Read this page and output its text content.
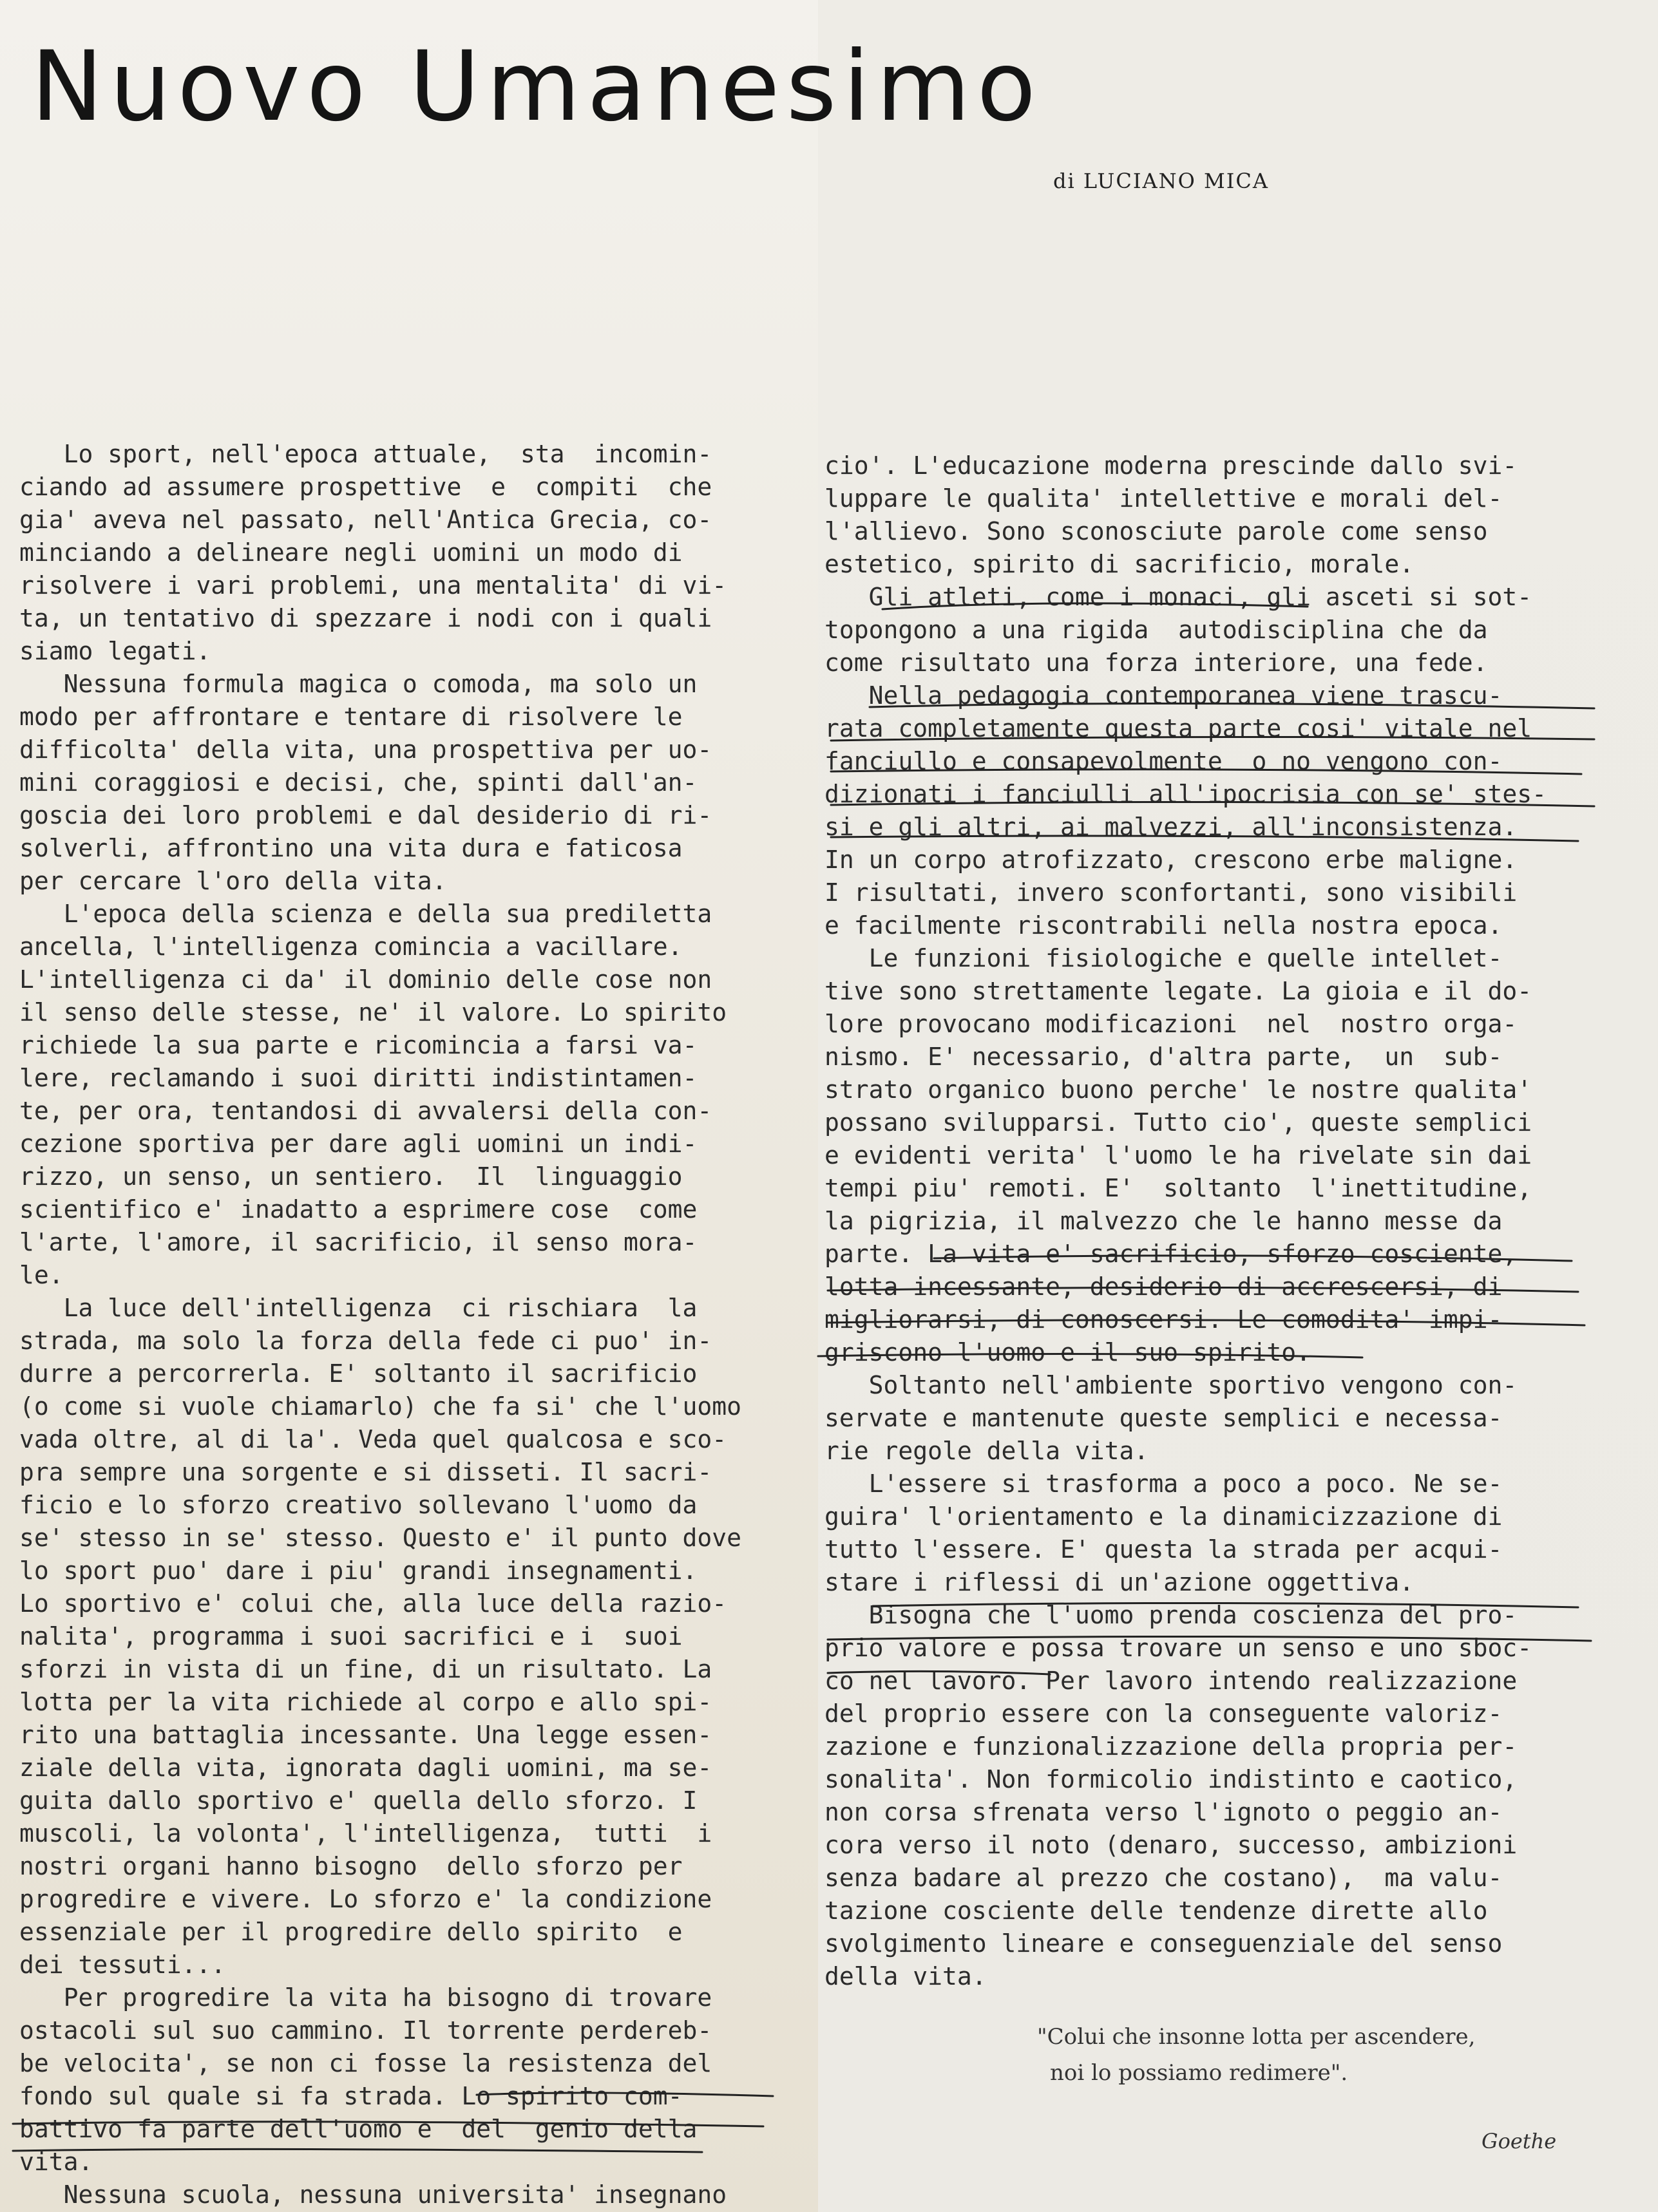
Nuovo Umanesimo
di LUCIANO MICA
Lo sport, nell'epoca attuale,  sta  incomin-
ciando ad assumere prospettive  e  compiti  che
gia' aveva nel passato, nell'Antica Grecia, co-
minciando a delineare negli uomini un modo di
risolvere i vari problemi, una mentalita' di vi-
ta, un tentativo di spezzare i nodi con i quali
siamo legati.
Nessuna formula magica o comoda, ma solo un
modo per affrontare e tentare di risolvere le
difficolta' della vita, una prospettiva per uo-
mini coraggiosi e decisi, che, spinti dall'an-
goscia dei loro problemi e dal desiderio di ri-
solverli, affrontino una vita dura e faticosa
per cercare l'oro della vita.
L'epoca della scienza e della sua prediletta
ancella, l'intelligenza comincia a vacillare.
L'intelligenza ci da' il dominio delle cose non
il senso delle stesse, ne' il valore. Lo spirito
richiede la sua parte e ricomincia a farsi va-
lere, reclamando i suoi diritti indistintamen-
te, per ora, tentandosi di avvalersi della con-
cezione sportiva per dare agli uomini un indi-
rizzo, un senso, un sentiero.  Il  linguaggio
scientifico e' inadatto a esprimere cose  come
l'arte, l'amore, il sacrificio, il senso mora-
le.
La luce dell'intelligenza  ci rischiara  la
strada, ma solo la forza della fede ci puo' in-
durre a percorrerla. E' soltanto il sacrificio
(o come si vuole chiamarlo) che fa si' che l'uomo
vada oltre, al di la'. Veda quel qualcosa e sco-
pra sempre una sorgente e si disseti. Il sacri-
ficio e lo sforzo creativo sollevano l'uomo da
se' stesso in se' stesso. Questo e' il punto dove
lo sport puo' dare i piu' grandi insegnamenti.
Lo sportivo e' colui che, alla luce della razio-
nalita', programma i suoi sacrifici e i  suoi
sforzi in vista di un fine, di un risultato. La
lotta per la vita richiede al corpo e allo spi-
rito una battaglia incessante. Una legge essen-
ziale della vita, ignorata dagli uomini, ma se-
guita dallo sportivo e' quella dello sforzo. I
muscoli, la volonta', l'intelligenza,  tutti  i
nostri organi hanno bisogno  dello sforzo per
progredire e vivere. Lo sforzo e' la condizione
essenziale per il progredire dello spirito  e
dei tessuti...
Per progredire la vita ha bisogno di trovare
ostacoli sul suo cammino. Il torrente perdereb-
be velocita', se non ci fosse la resistenza del
fondo sul quale si fa strada. Lo spirito com-
battivo fa parte dell'uomo e  del  genio della
vita.
Nessuna scuola, nessuna universita' insegnano
cio'. L'educazione moderna prescinde dallo svi-
luppare le qualita' intellettive e morali del-
l'allievo. Sono sconosciute parole come senso
estetico, spirito di sacrificio, morale.
Gli atleti, come i monaci, gli asceti si sot-
topongono a una rigida  autodisciplina che da
come risultato una forza interiore, una fede.
Nella pedagogia contemporanea viene trascu-
rata completamente questa parte cosi' vitale nel
fanciullo e consapevolmente  o no vengono con-
dizionati i fanciulli all'ipocrisia con se' stes-
si e gli altri, ai malvezzi, all'inconsistenza.
In un corpo atrofizzato, crescono erbe maligne.
I risultati, invero sconfortanti, sono visibili
e facilmente riscontrabili nella nostra epoca.
Le funzioni fisiologiche e quelle intellet-
tive sono strettamente legate. La gioia e il do-
lore provocano modificazioni  nel  nostro orga-
nismo. E' necessario, d'altra parte,  un  sub-
strato organico buono perche' le nostre qualita'
possano svilupparsi. Tutto cio', queste semplici
e evidenti verita' l'uomo le ha rivelate sin dai
tempi piu' remoti. E'  soltanto  l'inettitudine,
la pigrizia, il malvezzo che le hanno messe da
parte. La vita e' sacrificio, sforzo cosciente,
lotta incessante, desiderio di accrescersi, di
migliorarsi, di conoscersi. Le comodita' impi-
griscono l'uomo e il suo spirito.
Soltanto nell'ambiente sportivo vengono con-
servate e mantenute queste semplici e necessa-
rie regole della vita.
L'essere si trasforma a poco a poco. Ne se-
guira' l'orientamento e la dinamicizzazione di
tutto l'essere. E' questa la strada per acqui-
stare i riflessi di un'azione oggettiva.
Bisogna che l'uomo prenda coscienza del pro-
prio valore e possa trovare un senso e uno sboc-
co nel lavoro. Per lavoro intendo realizzazione
del proprio essere con la conseguente valoriz-
zazione e funzionalizzazione della propria per-
sonalita'. Non formicolio indistinto e caotico,
non corsa sfrenata verso l'ignoto o peggio an-
cora verso il noto (denaro, successo, ambizioni
senza badare al prezzo che costano),  ma valu-
tazione cosciente delle tendenze dirette allo
svolgimento lineare e conseguenziale del senso
della vita.
"Colui che insonne lotta per ascendere,
noi lo possiamo redimere".
Goethe
